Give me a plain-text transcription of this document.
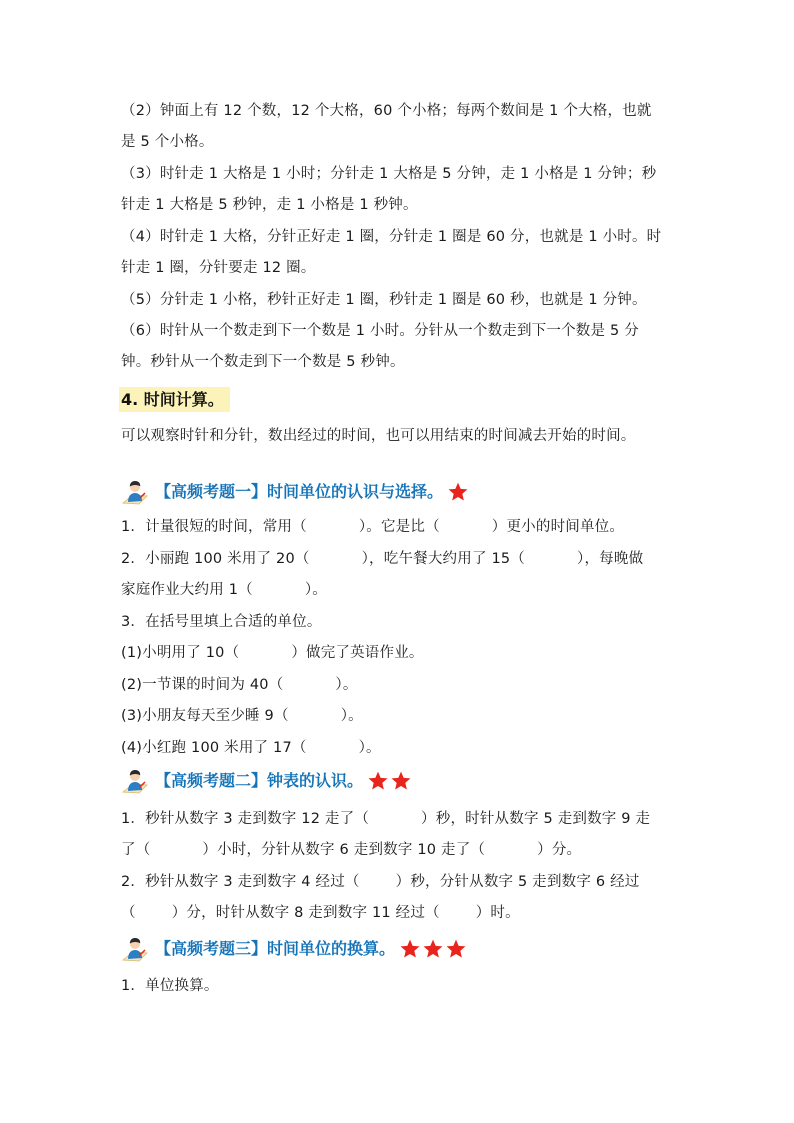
（2）钟面上有 12 个数，12 个大格，60 个小格；每两个数间是 1 个大格，也就
是 5 个小格。
（3）时针走 1 大格是 1 小时；分针走 1 大格是 5 分钟，走 1 小格是 1 分钟；秒
针走 1 大格是 5 秒钟，走 1 小格是 1 秒钟。
（4）时针走 1 大格，分针正好走 1 圈，分针走 1 圈是 60 分，也就是 1 小时。时
针走 1 圈，分针要走 12 圈。
（5）分针走 1 小格，秒针正好走 1 圈，秒针走 1 圈是 60 秒，也就是 1 分钟。
（6）时针从一个数走到下一个数是 1 小时。分针从一个数走到下一个数是 5 分
钟。秒针从一个数走到下一个数是 5 秒钟。
4. 时间计算。
可以观察时针和分针，数出经过的时间，也可以用结束的时间减去开始的时间。
【高频考题一】时间单位的认识与选择。
1．计量很短的时间，常用（	）。它是比（	）更小的时间单位。
2．小丽跑 100 米用了 20（	），吃午餐大约用了 15（	），每晚做
家庭作业大约用 1（	）。
3．在括号里填上合适的单位。
(1)小明用了 10（	）做完了英语作业。
(2)一节课的时间为 40（	）。
(3)小朋友每天至少睡 9（	）。
(4)小红跑 100 米用了 17（	）。
【高频考题二】钟表的认识。
1．秒针从数字 3 走到数字 12 走了（	）秒，时针从数字 5 走到数字 9 走
了（	）小时，分针从数字 6 走到数字 10 走了（	）分。
2．秒针从数字 3 走到数字 4 经过（ ）秒，分针从数字 5 走到数字 6 经过
（ ）分，时针从数字 8 走到数字 11 经过（ ）时。
【高频考题三】时间单位的换算。
1．单位换算。
